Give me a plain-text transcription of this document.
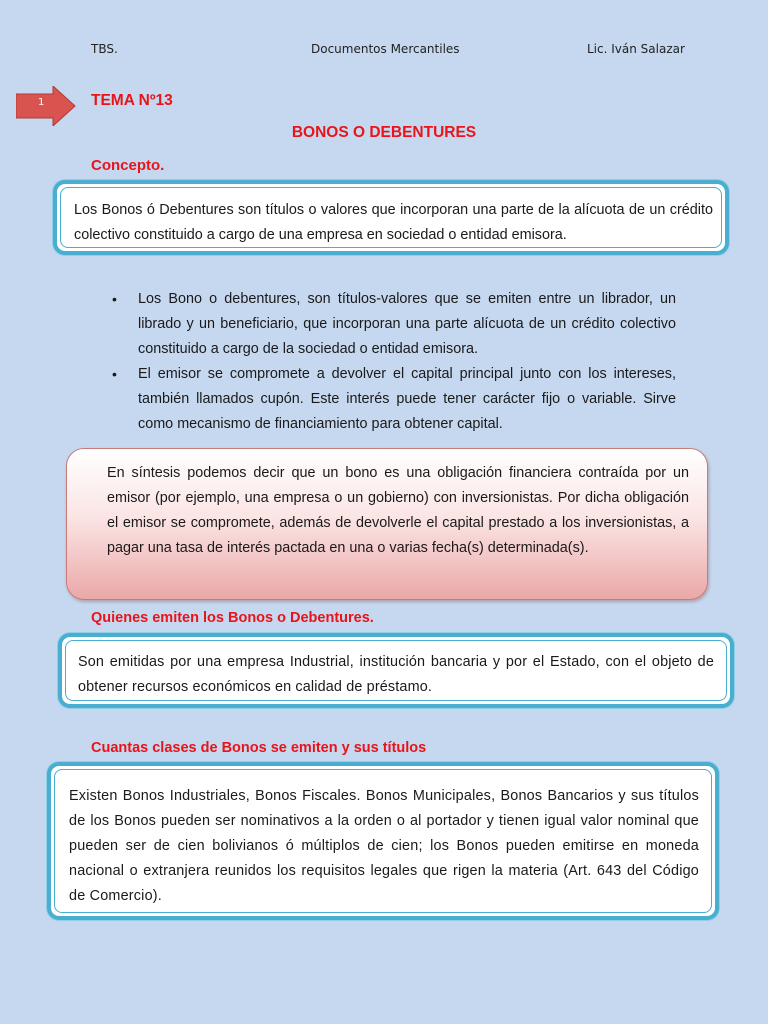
TBS.	Documentos Mercantiles	Lic. Iván Salazar
1	TEMA Nº13
BONOS O DEBENTURES
Concepto.

Los Bonos ó Debentures son títulos o valores que incorporan una parte de la alícuota de un crédito colectivo constituido a cargo de una empresa en sociedad o entidad emisora.

• Los Bono o debentures, son títulos-valores que se emiten entre un librador, un librado y un beneficiario, que incorporan una parte alícuota de un crédito colectivo constituido a cargo de la sociedad o entidad emisora.
• El emisor se compromete a devolver el capital principal junto con los intereses, también llamados cupón. Este interés puede tener carácter fijo o variable. Sirve como mecanismo de financiamiento para obtener capital.

En síntesis podemos decir que un bono es una obligación financiera contraída por un emisor (por ejemplo, una empresa o un gobierno) con inversionistas. Por dicha obligación el emisor se compromete, además de devolverle el capital prestado a los inversionistas, a pagar una tasa de interés pactada en una o varias fecha(s) determinada(s).

Quienes emiten los Bonos o Debentures.

Son emitidas por una empresa Industrial, institución bancaria y por el Estado, con el objeto de obtener recursos económicos en calidad de préstamo.

Cuantas clases de Bonos se emiten y sus títulos

Existen Bonos Industriales, Bonos Fiscales. Bonos Municipales, Bonos Bancarios y sus títulos de los Bonos pueden ser nominativos a la orden o al portador y tienen igual valor nominal que pueden ser de cien bolivianos ó múltiplos de cien; los Bonos pueden emitirse en moneda nacional o extranjera reunidos los requisitos legales que rigen la materia (Art. 643 del Código de Comercio).
